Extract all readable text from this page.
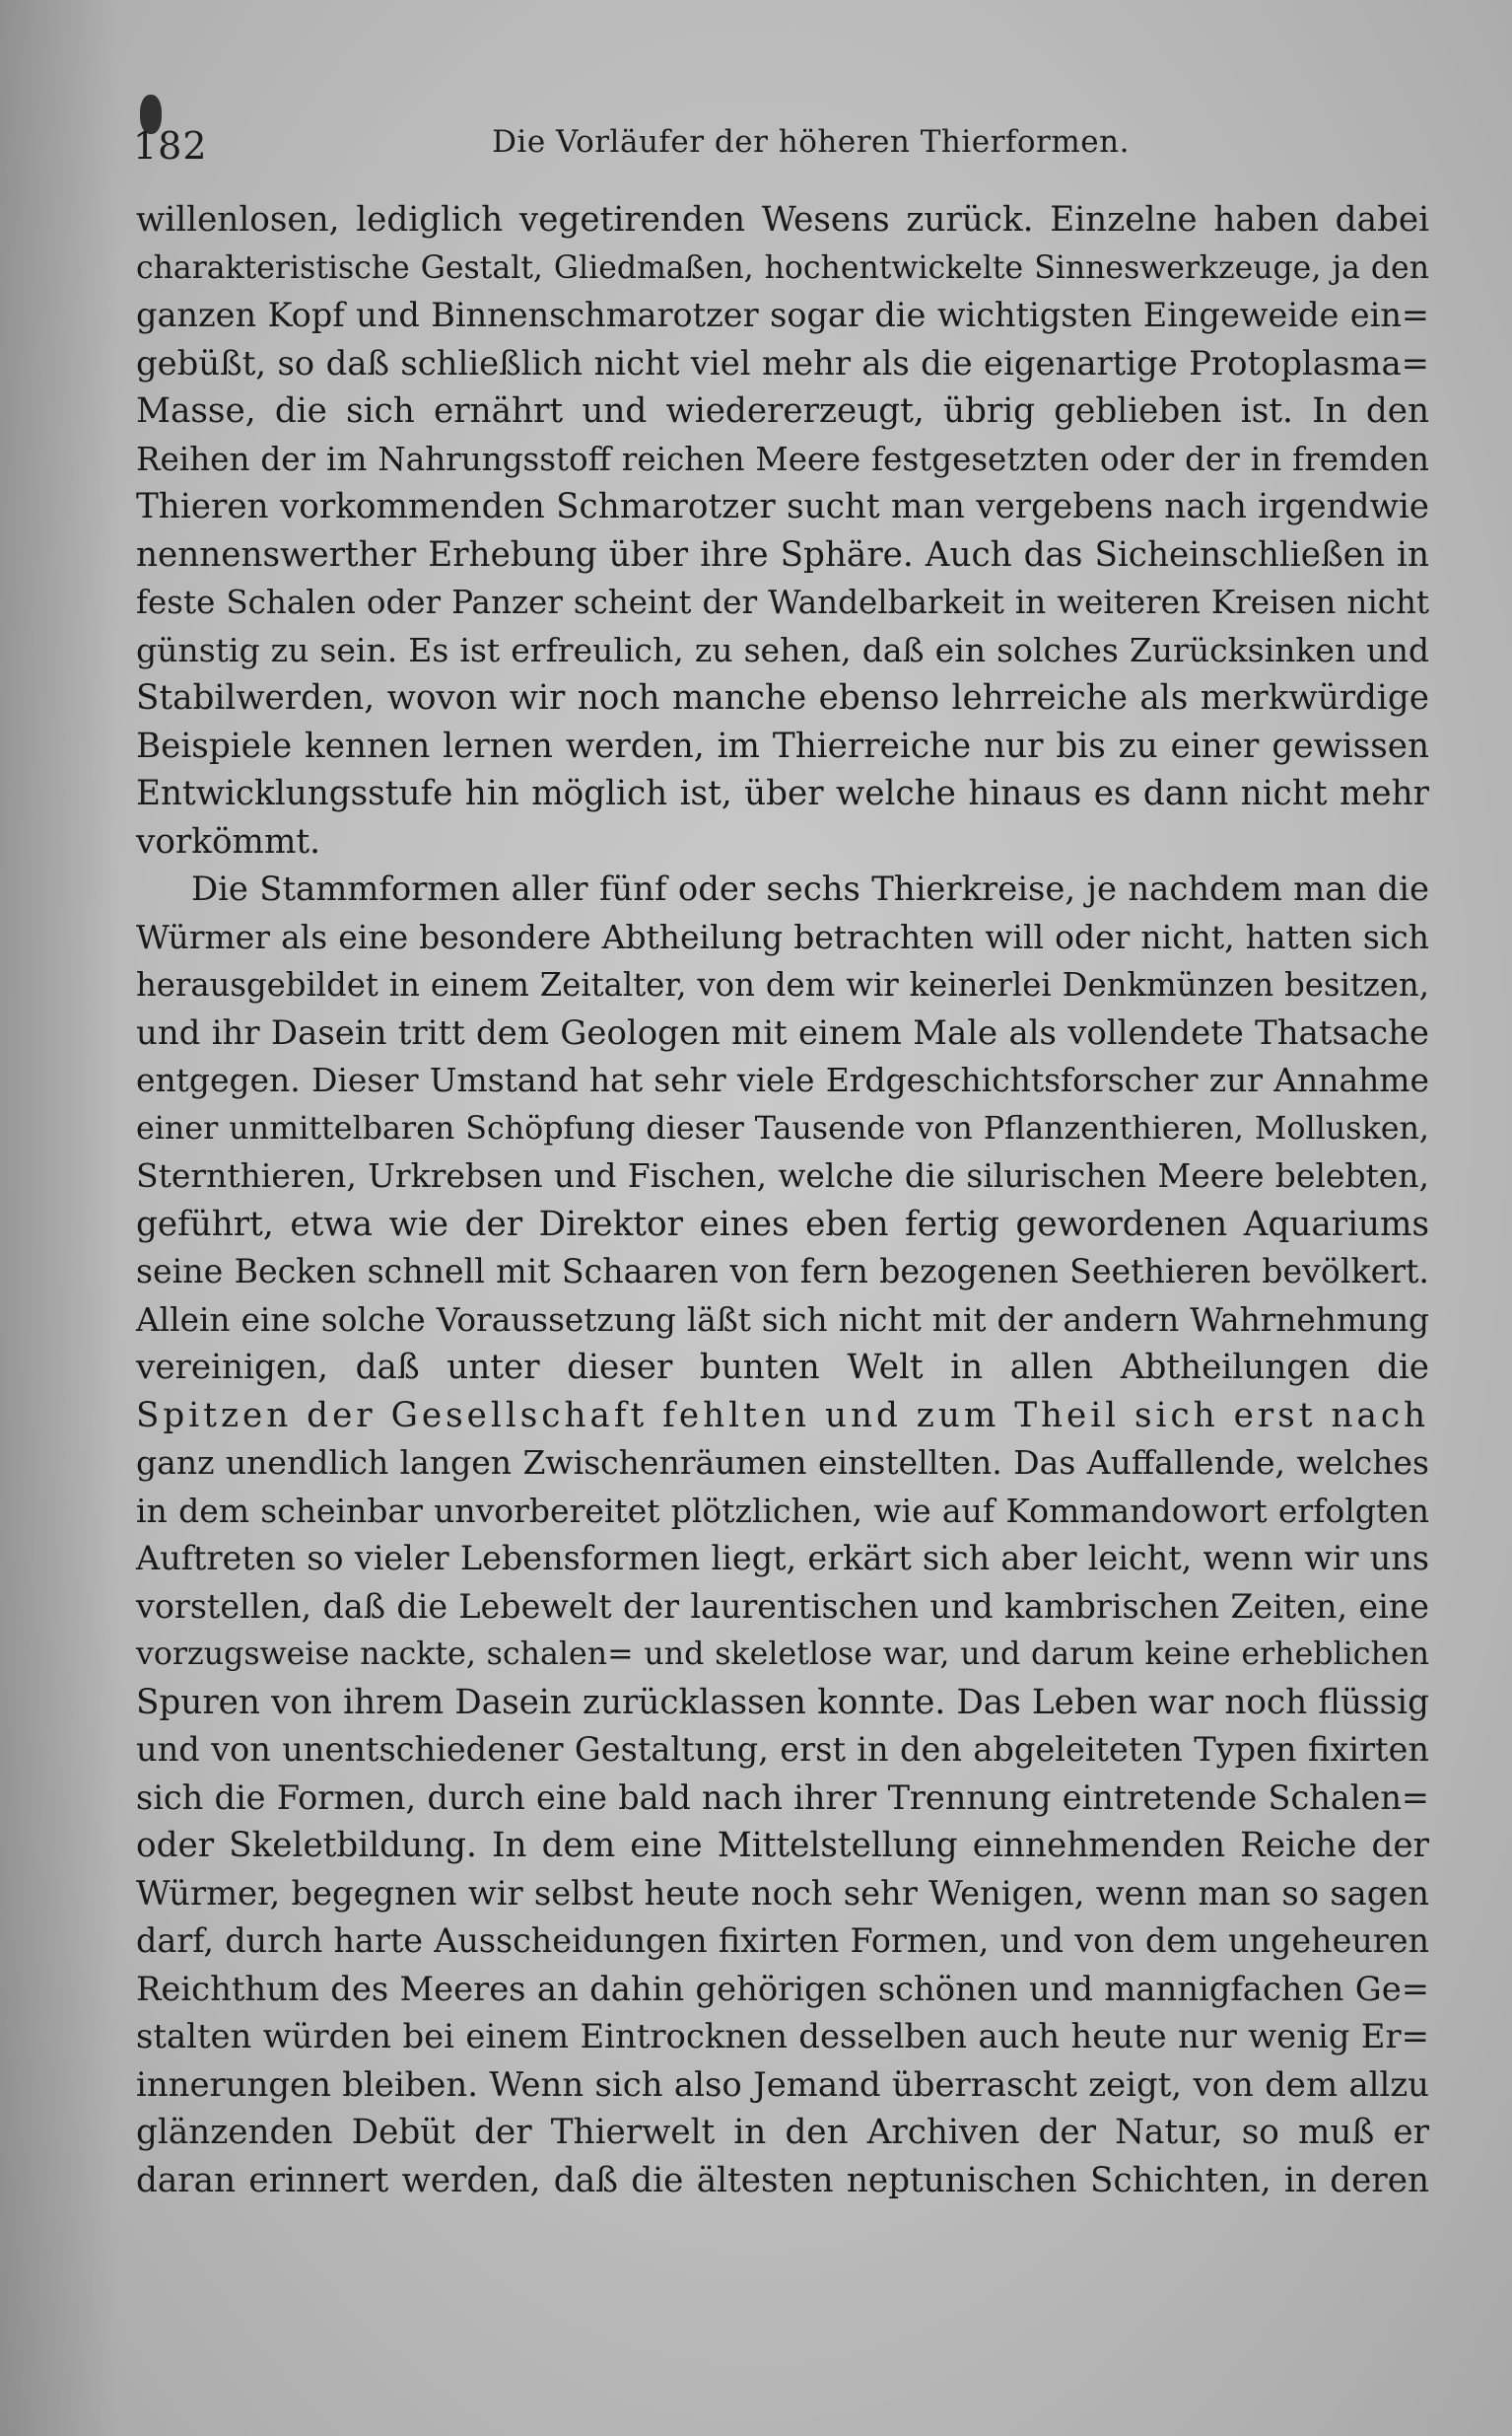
182	Die Vorläufer der höheren Thierformen.
willenlosen, lediglich vegetirenden Wesens zurück. Einzelne haben dabei
charakteristische Gestalt, Gliedmaßen, hochentwickelte Sinneswerkzeuge, ja den
ganzen Kopf und Binnenschmarotzer sogar die wichtigsten Eingeweide ein=
gebüßt, so daß schließlich nicht viel mehr als die eigenartige Protoplasma=
Masse, die sich ernährt und wiedererzeugt, übrig geblieben ist. In den
Reihen der im Nahrungsstoff reichen Meere festgesetzten oder der in fremden
Thieren vorkommenden Schmarotzer sucht man vergebens nach irgendwie
nennenswerther Erhebung über ihre Sphäre. Auch das Sicheinschließen in
feste Schalen oder Panzer scheint der Wandelbarkeit in weiteren Kreisen nicht
günstig zu sein. Es ist erfreulich, zu sehen, daß ein solches Zurücksinken und
Stabilwerden, wovon wir noch manche ebenso lehrreiche als merkwürdige
Beispiele kennen lernen werden, im Thierreiche nur bis zu einer gewissen
Entwicklungsstufe hin möglich ist, über welche hinaus es dann nicht mehr
vorkömmt.
Die Stammformen aller fünf oder sechs Thierkreise, je nachdem man die
Würmer als eine besondere Abtheilung betrachten will oder nicht, hatten sich
herausgebildet in einem Zeitalter, von dem wir keinerlei Denkmünzen besitzen,
und ihr Dasein tritt dem Geologen mit einem Male als vollendete Thatsache
entgegen. Dieser Umstand hat sehr viele Erdgeschichtsforscher zur Annahme
einer unmittelbaren Schöpfung dieser Tausende von Pflanzenthieren, Mollusken,
Sternthieren, Urkrebsen und Fischen, welche die silurischen Meere belebten,
geführt, etwa wie der Direktor eines eben fertig gewordenen Aquariums
seine Becken schnell mit Schaaren von fern bezogenen Seethieren bevölkert.
Allein eine solche Voraussetzung läßt sich nicht mit der andern Wahrnehmung
vereinigen, daß unter dieser bunten Welt in allen Abtheilungen die
Spitzen der Gesellschaft fehlten und zum Theil sich erst nach
ganz unendlich langen Zwischenräumen einstellten. Das Auffallende, welches
in dem scheinbar unvorbereitet plötzlichen, wie auf Kommandowort erfolgten
Auftreten so vieler Lebensformen liegt, erkärt sich aber leicht, wenn wir uns
vorstellen, daß die Lebewelt der laurentischen und kambrischen Zeiten, eine
vorzugsweise nackte, schalen= und skeletlose war, und darum keine erheblichen
Spuren von ihrem Dasein zurücklassen konnte. Das Leben war noch flüssig
und von unentschiedener Gestaltung, erst in den abgeleiteten Typen fixirten
sich die Formen, durch eine bald nach ihrer Trennung eintretende Schalen=
oder Skeletbildung. In dem eine Mittelstellung einnehmenden Reiche der
Würmer, begegnen wir selbst heute noch sehr Wenigen, wenn man so sagen
darf, durch harte Ausscheidungen fixirten Formen, und von dem ungeheuren
Reichthum des Meeres an dahin gehörigen schönen und mannigfachen Ge=
stalten würden bei einem Eintrocknen desselben auch heute nur wenig Er=
innerungen bleiben. Wenn sich also Jemand überrascht zeigt, von dem allzu
glänzenden Debüt der Thierwelt in den Archiven der Natur, so muß er
daran erinnert werden, daß die ältesten neptunischen Schichten, in deren
